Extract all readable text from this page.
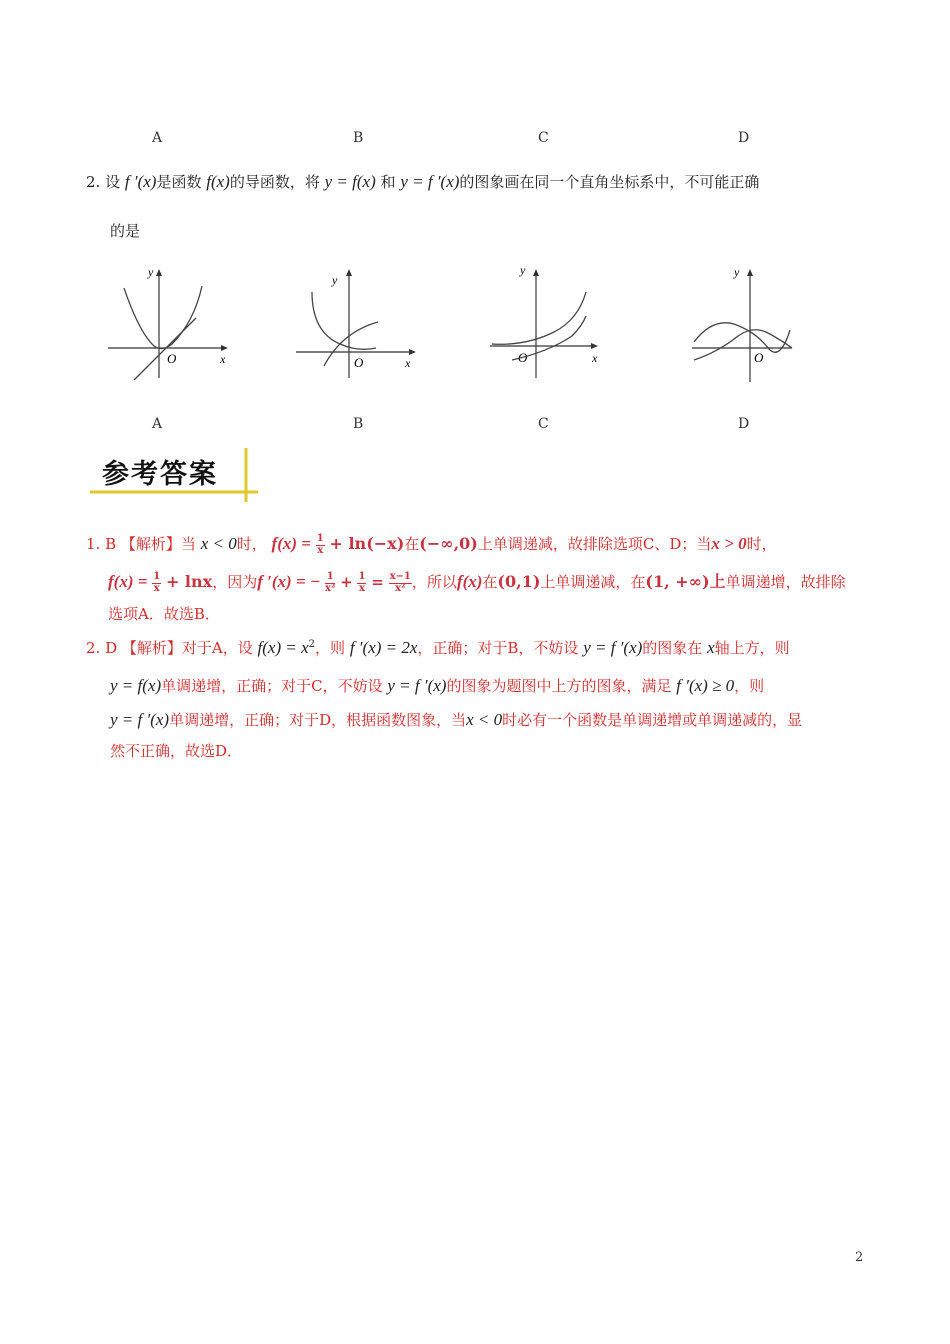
A	B	C	D
2. 设 f ′(x)是函数 f(x)的导函数，将 y = f(x) 和 y = f ′(x)的图象画在同一个直角坐标系中，不可能正确
的是
y
x
O
y
x
O
y
x
O
y
O
A	B	C	D
参考答案
1. B 【解析】当 x < 0时， $f(x) = \frac{1}{x} + \ln(-x)$在(−∞,0)上单调递减，故排除选项C、D；当x > 0时，
$f(x) = \frac{1}{x} + \ln x$，因为f ′(x) = − $\frac{1}{\text{x²}} + \frac{1}{x} = \frac{x-1}{\text{x²}}$ ，所以f(x)在(0,1)上单调递减，在(1, +∞)上单调递增，故排除
选项A．故选B．
2. D 【解析】对于A，设 $f(x) = x^2$，则 f ′(x) = 2x，正确；对于B，不妨设 y = f ′(x)的图象在 x轴上方，则
y = f(x)单调递增，正确；对于C，不妨设 y = f ′(x)的图象为题图中上方的图象，满足 f ′(x) ≥ 0，则
y = f ′(x)单调递增，正确；对于D，根据函数图象，当x < 0时必有一个函数是单调递增或单调递减的，显
然不正确，故选D．
2
